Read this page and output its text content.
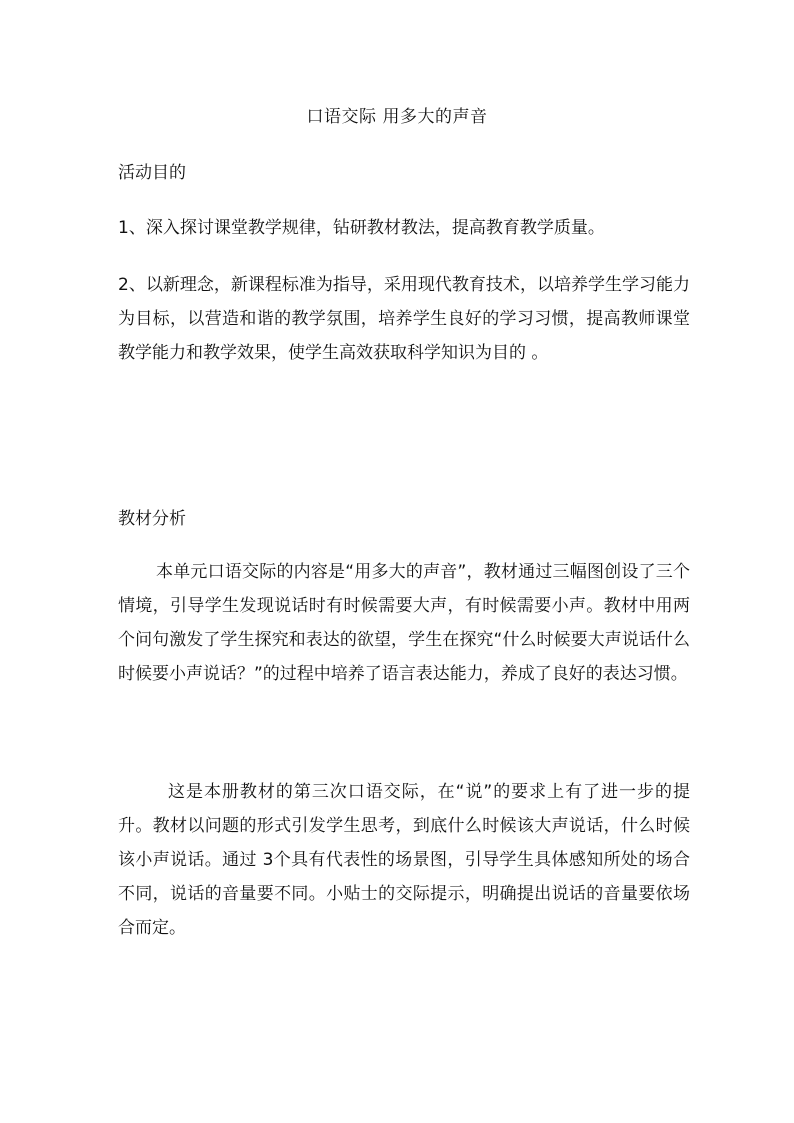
口语交际 用多大的声音
活动目的

1、深入探讨课堂教学规律，钻研教材教法，提高教育教学质量。

2、以新理念，新课程标准为指导，采用现代教育技术，以培养学生学习能力为目标，以营造和谐的教学氛围，培养学生良好的学习习惯，提高教师课堂教学能力和教学效果，使学生高效获取科学知识为目的 。

教材分析

本单元口语交际的内容是“用多大的声音”，教材通过三幅图创设了三个情境，引导学生发现说话时有时候需要大声，有时候需要小声。教材中用两个问句激发了学生探究和表达的欲望，学生在探究“什么时候要大声说话什么时候要小声说话？”的过程中培养了语言表达能力，养成了良好的表达习惯。

这是本册教材的第三次口语交际，在“说”的要求上有了进一步的提升。教材以问题的形式引发学生思考，到底什么时候该大声说话，什么时候该小声说话。通过 3个具有代表性的场景图，引导学生具体感知所处的场合不同，说话的音量要不同。小贴士的交际提示，明确提出说话的音量要依场合而定。
